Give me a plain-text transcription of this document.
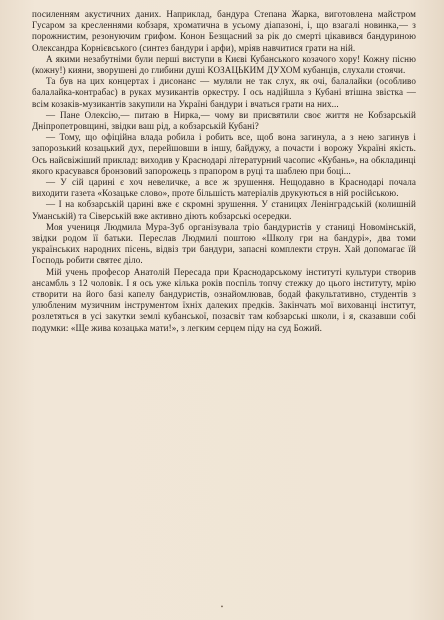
посиленням акустичних даних. Наприклад, бандура Степана Жарка, виготовлена майстром Гусаром за кресленнями кобзаря, хроматична в усьому діапазоні, і, що взагалі новинка,— з порожнистим, резонуючим грифом. Конон Безщасний за рік до смерті цікавився бандуриною Олександра Корнієвського (синтез бандури і арфи), мріяв навчитися грати на ній.

А якими незабутніми були перші виступи в Києві Кубанського козачого хору! Кожну пісню (кожну!) кияни, зворушені до глибини душі КОЗАЦЬКИМ ДУХОМ кубанців, слухали стоячи.

Та був на цих концертах і дисонанс — муляли не так слух, як очі, балалайки (особливо балалайка-контрабас) в руках музикантів оркестру. І ось надійшла з Кубані втішна звістка — всім козаків-музикантів закупили на Україні бандури і вчаться грати на них...

— Пане Олексію,— питаю в Нирка,— чому ви присвятили своє життя не Кобзарській Дніпропетровщині, звідки ваш рід, а кобзарській Кубані?

— Тому, що офіційна влада робила і робить все, щоб вона загинула, а з нею загинув і запорозький козацький дух, перейшовши в іншу, байдужу, а почасти і ворожу Україні якість. Ось найсвіжіший приклад: виходив у Краснодарі літературний часопис «Кубань», на обкладинці якого красувався бронзовий запорожець з прапором в руці та шаблею при боці...

— У сій царині є хоч невеличке, а все ж зрушення. Нещодавно в Краснодарі почала виходити газета «Козацьке слово», проте більшість матеріалів друкуються в ній російською.

— І на кобзарській царині вже є скромні зрушення. У станицях Ленінградській (колишній Уманській) та Сіверській вже активно діють кобзарські осередки.

Моя учениця Людмила Мура-Зуб організувала тріо бандуристів у станиці Новомінській, звідки родом її батьки. Переслав Людмилі поштою «Школу гри на бандурі», два томи українських народних пісень, відвіз три бандури, запасні комплекти струн. Хай допомагає їй Господь робити святеє діло.

Мій учень професор Анатолій Пересада при Краснодарському інституті культури створив ансамбль з 12 чоловік. І я ось уже кілька років поспіль топчу стежку до цього інституту, мрію створити на його базі капелу бандуристів, ознайомлював, бодай факультативно, студентів з улюбленим музичним інструментом їхніх далеких предків. Закінчать мої вихованці інститут, розлетяться в усі закутки землі кубанської, позасвіт там кобзарські школи, і я, сказавши собі подумки: «Ще жива козацька мати!», з легким серцем піду на суд Божий.

•
